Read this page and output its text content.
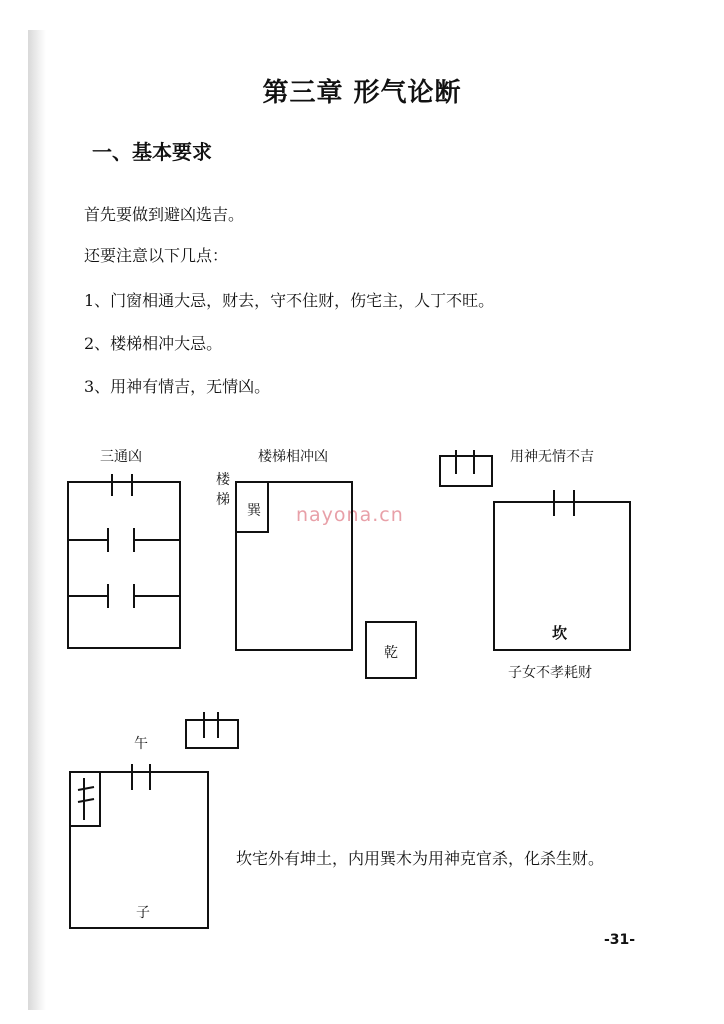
第三章 形气论断
一、基本要求
首先要做到避凶选吉。
还要注意以下几点：
1、门窗相通大忌，财去，守不住财，伤宅主，人丁不旺。
2、楼梯相冲大忌。
3、用神有情吉，无情凶。
nayona.cn
三通凶	楼梯相冲凶
楼梯
巽
乾
用神无情不吉
坎
子女不孝耗财
午
子
坎宅外有坤土，内用巽木为用神克官杀，化杀生财。
-31-
